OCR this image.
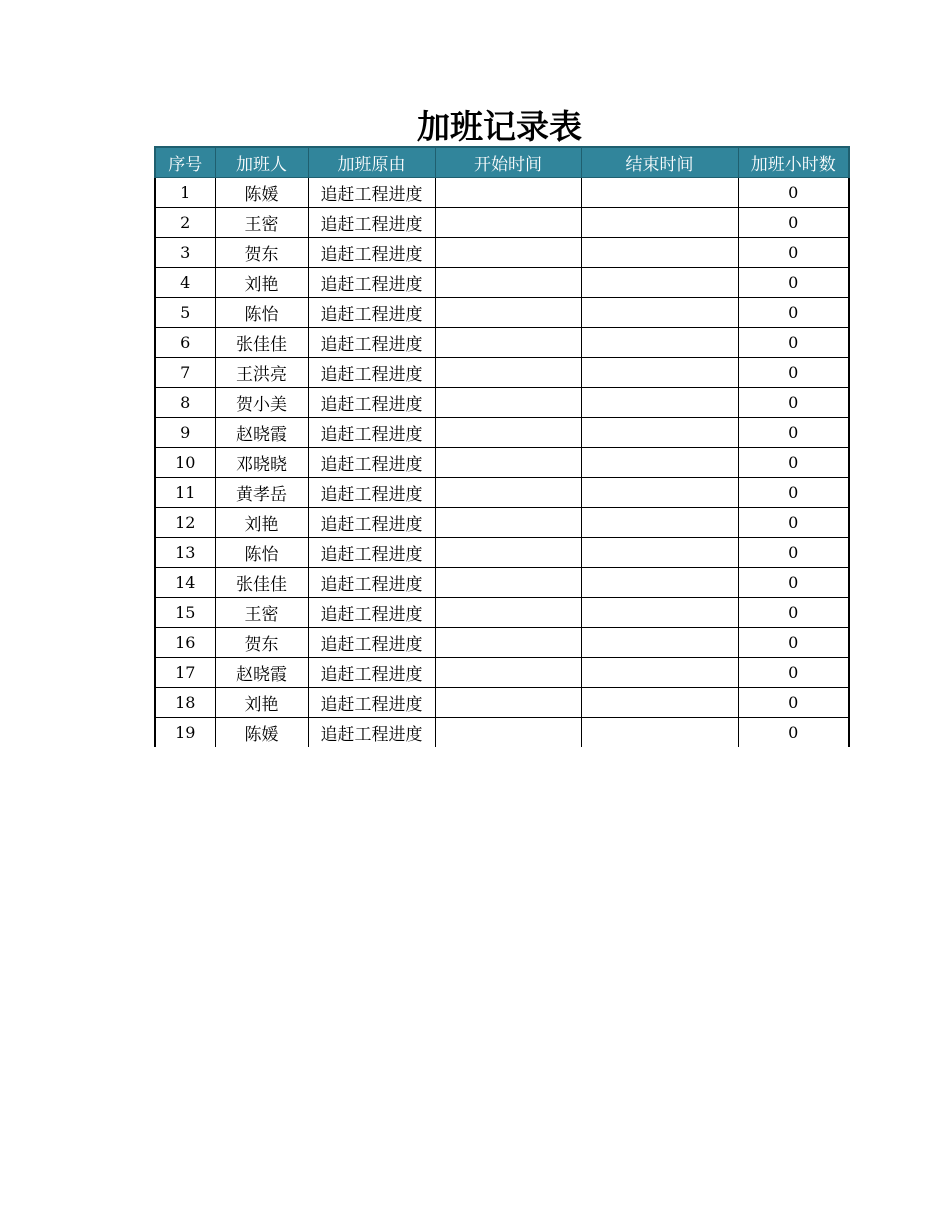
加班记录表
序号	加班人	加班原由	开始时间	结束时间	加班小时数
1	陈媛	追赶工程进度			0
2	王密	追赶工程进度			0
3	贺东	追赶工程进度			0
4	刘艳	追赶工程进度			0
5	陈怡	追赶工程进度			0
6	张佳佳	追赶工程进度			0
7	王洪亮	追赶工程进度			0
8	贺小美	追赶工程进度			0
9	赵晓霞	追赶工程进度			0
10	邓晓晓	追赶工程进度			0
11	黄孝岳	追赶工程进度			0
12	刘艳	追赶工程进度			0
13	陈怡	追赶工程进度			0
14	张佳佳	追赶工程进度			0
15	王密	追赶工程进度			0
16	贺东	追赶工程进度			0
17	赵晓霞	追赶工程进度			0
18	刘艳	追赶工程进度			0
19	陈媛	追赶工程进度			0
